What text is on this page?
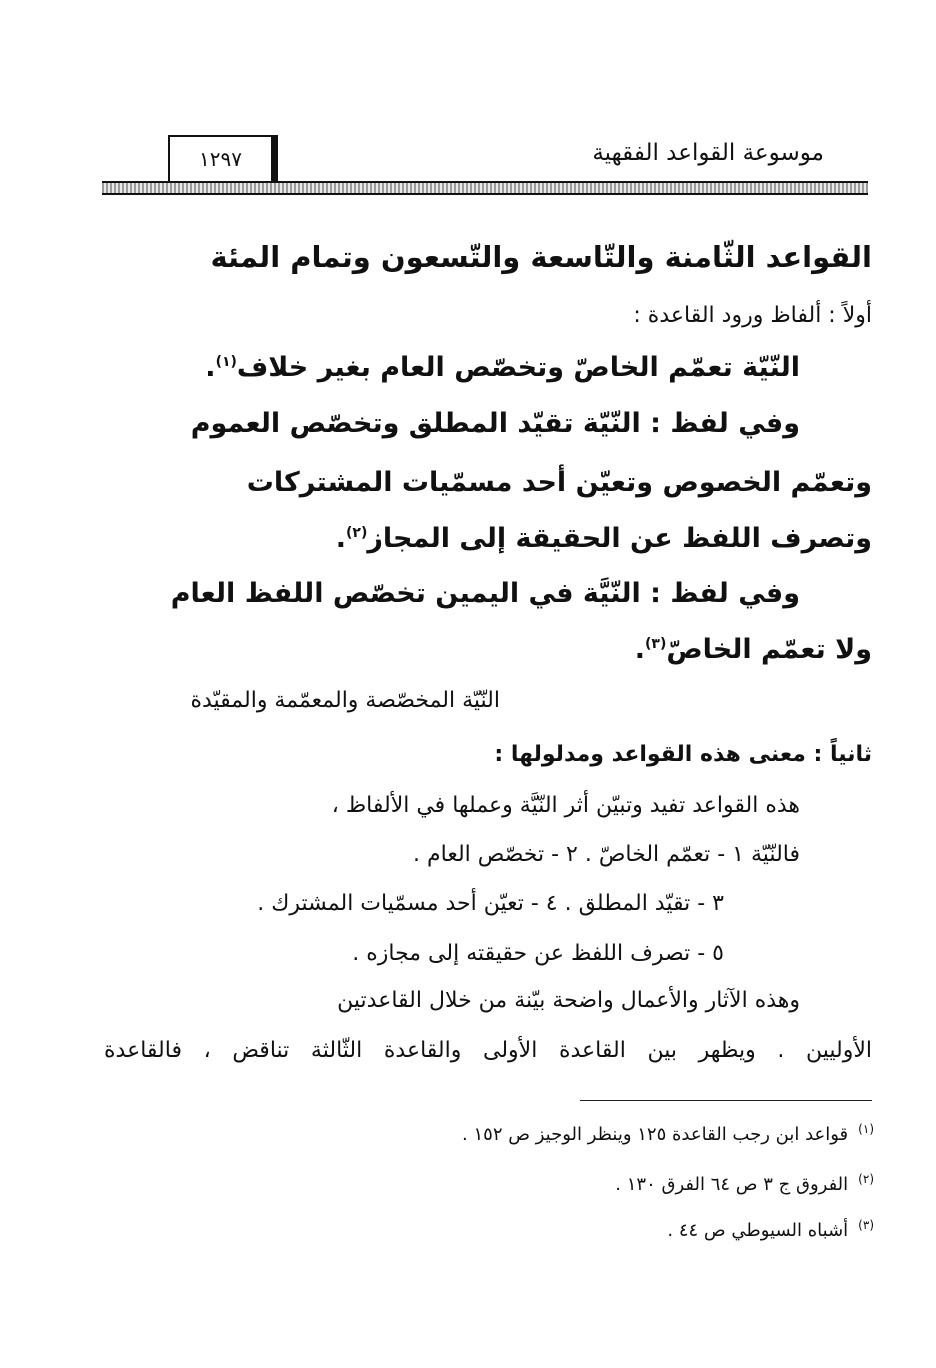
موسوعة القواعد الفقهية
١٢٩٧
القواعد الثّامنة والتّاسعة والتّسعون وتمام المئة
أولاً : ألفاظ ورود القاعدة :
النّيّة تعمّم الخاصّ وتخصّص العام بغير خلاف$^{(١)}$.
وفي لفظ : النّيّة تقيّد المطلق وتخصّص العموم
وتعمّم الخصوص وتعيّن أحد مسمّيات المشتركات
وتصرف اللفظ عن الحقيقة إلى المجاز$^{(٢)}$.
وفي لفظ : النّيَّة في اليمين تخصّص اللفظ العام
ولا تعمّم الخاصّ$^{(٣)}$.
النّيّة المخصّصة والمعمّمة والمقيّدة
ثانياً : معنى هذه القواعد ومدلولها :
هذه القواعد تفيد وتبيّن أثر النّيَّة وعملها في الألفاظ ،
فالنّيّة ١ - تعمّم الخاصّ . ٢ - تخصّص العام .
٣ - تقيّد المطلق . ٤ - تعيّن أحد مسمّيات المشترك .
٥ - تصرف اللفظ عن حقيقته إلى مجازه .
وهذه الآثار والأعمال واضحة بيّنة من خلال القاعدتين
الأوليين . ويظهر بين القاعدة الأولى والقاعدة الثّالثة تناقض ، فالقاعدة
$^{(١)}$قواعد ابن رجب القاعدة ١٢٥ وينظر الوجيز ص ١٥٢ .
$^{(٢)}$الفروق ج ٣ ص ٦٤ الفرق ١٣٠ .
$^{(٣)}$أشباه السيوطي ص ٤٤ .
